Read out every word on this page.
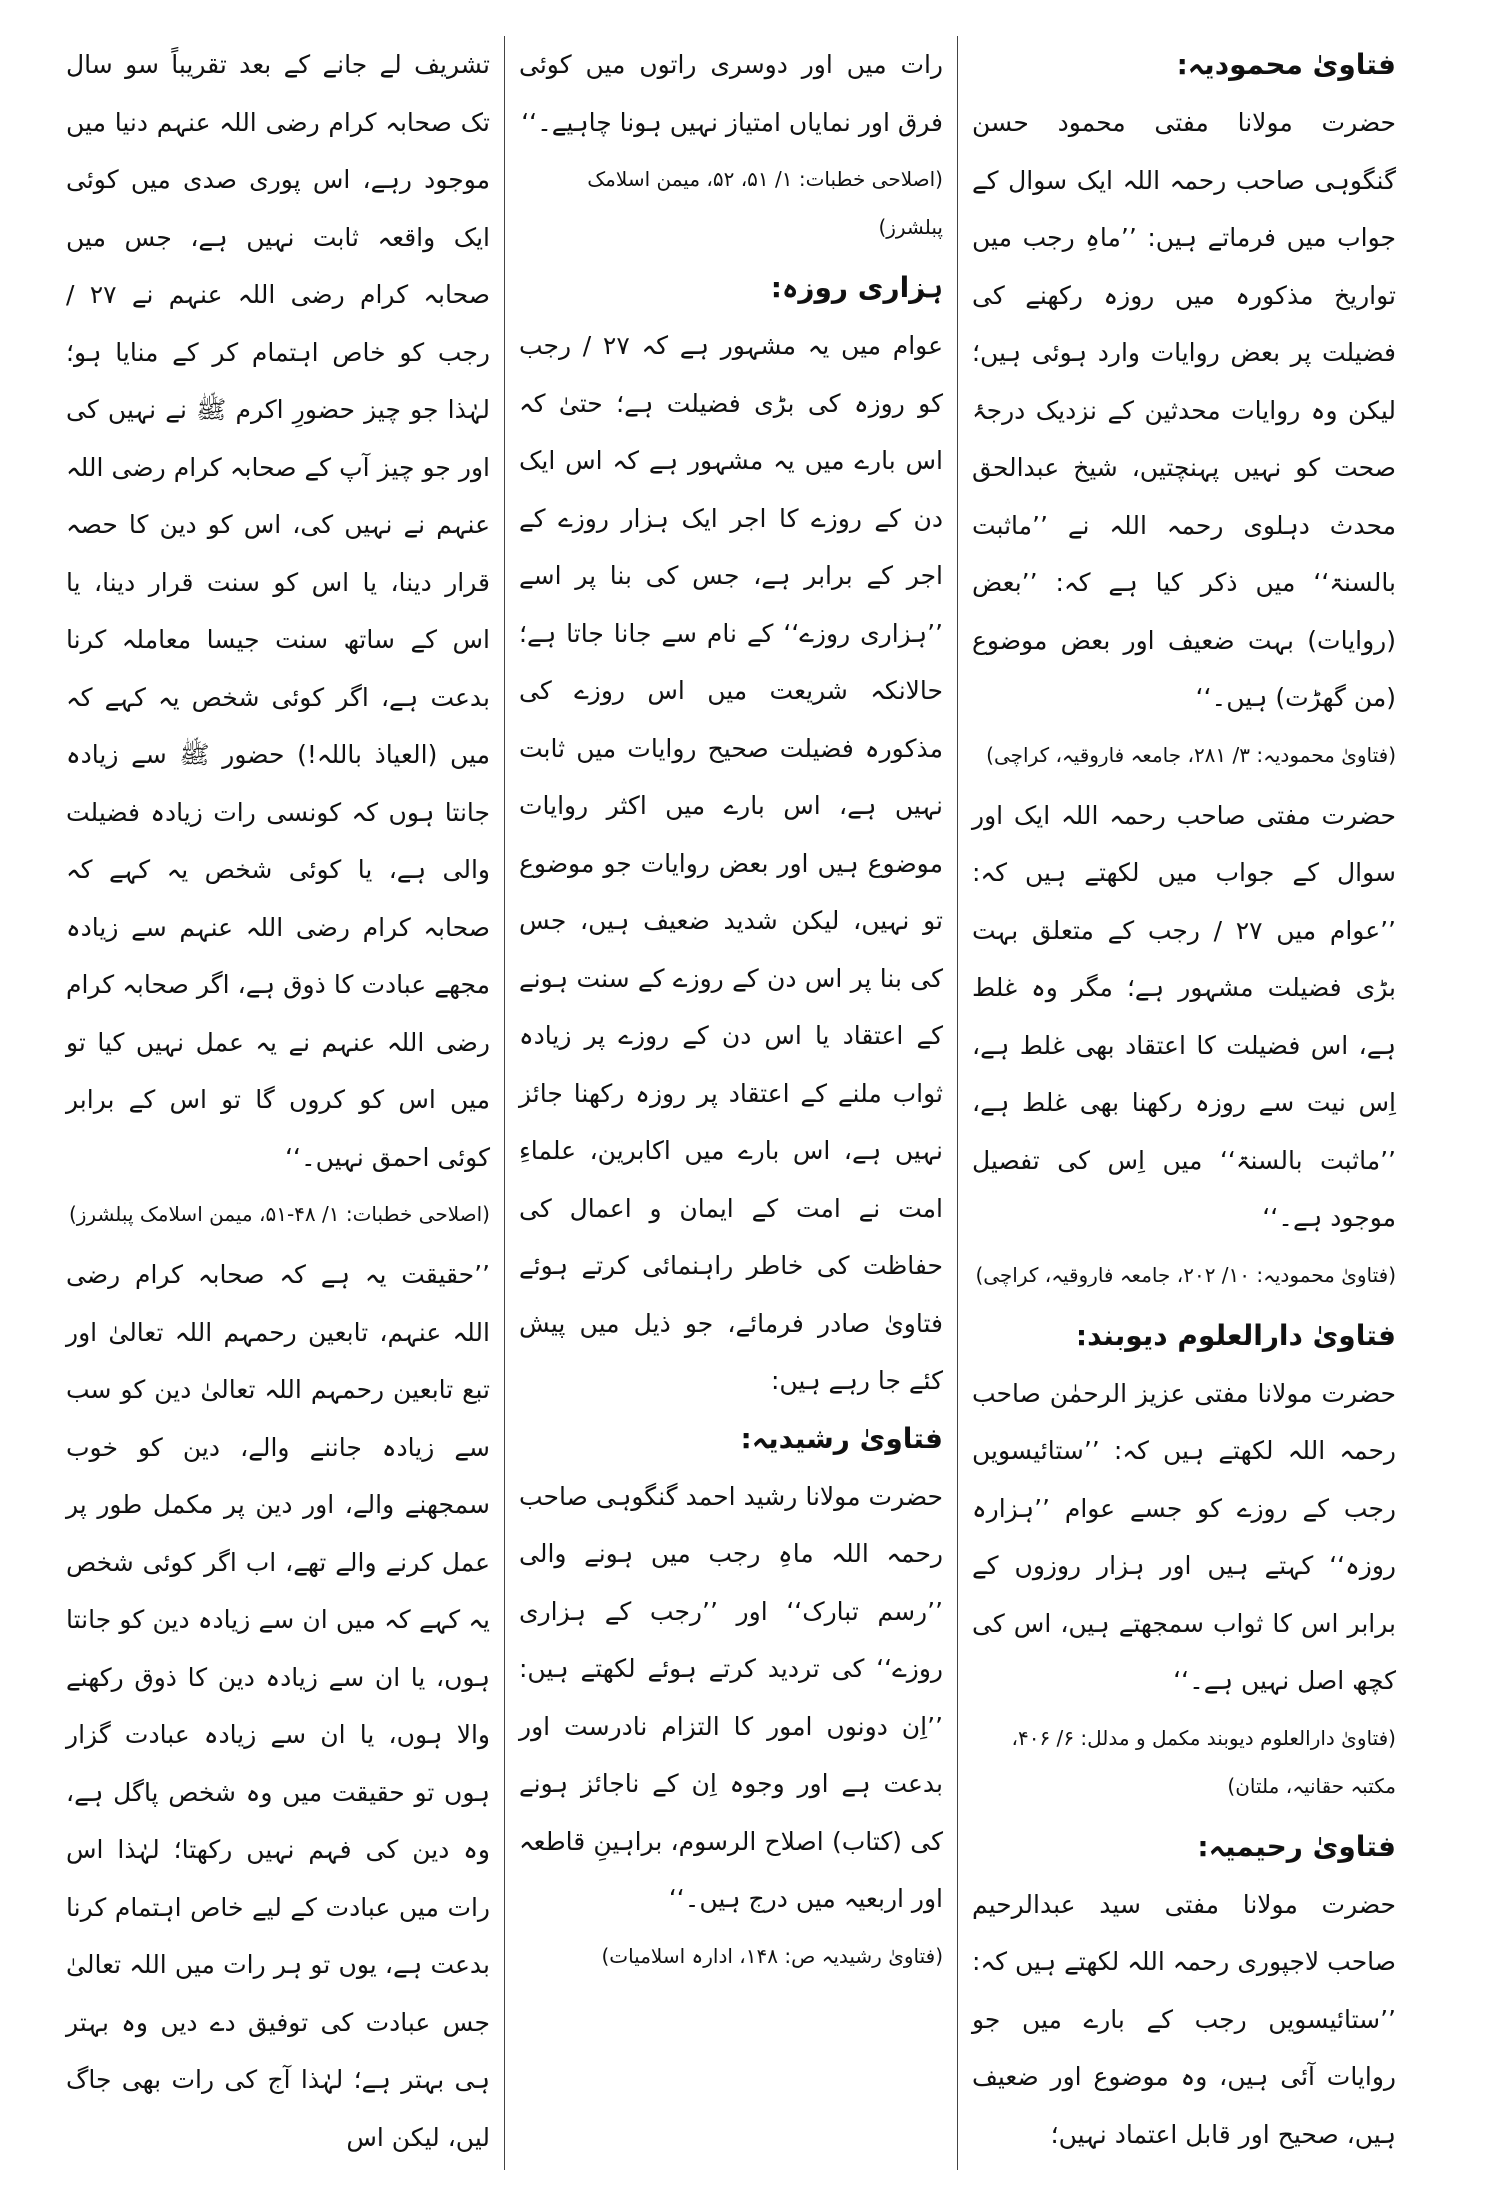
تشریف لے جانے کے بعد تقریباً سو سال تک صحابہ کرام رضی اللہ عنہم دنیا میں موجود رہے، اس پوری صدی میں کوئی ایک واقعہ ثابت نہیں ہے، جس میں صحابہ کرام رضی اللہ عنہم نے ۲۷ / رجب کو خاص اہتمام کر کے منایا ہو؛ لہٰذا جو چیز حضورِ اکرم ﷺ نے نہیں کی اور جو چیز آپ کے صحابہ کرام رضی اللہ عنہم نے نہیں کی، اس کو دین کا حصہ قرار دینا، یا اس کو سنت قرار دینا، یا اس کے ساتھ سنت جیسا معاملہ کرنا بدعت ہے، اگر کوئی شخص یہ کہے کہ میں (العیاذ باللہ!) حضور ﷺ سے زیادہ جانتا ہوں کہ کونسی رات زیادہ فضیلت والی ہے، یا کوئی شخص یہ کہے کہ صحابہ کرام رضی اللہ عنہم سے زیادہ مجھے عبادت کا ذوق ہے، اگر صحابہ کرام رضی اللہ عنہم نے یہ عمل نہیں کیا تو میں اس کو کروں گا تو اس کے برابر کوئی احمق نہیں۔‘‘

(اصلاحی خطبات: ۱/ ۴۸-۵۱، میمن اسلامک پبلشرز)

’’حقیقت یہ ہے کہ صحابہ کرام رضی اللہ عنہم، تابعین رحمہم اللہ تعالیٰ اور تبع تابعین رحمہم اللہ تعالیٰ دین کو سب سے زیادہ جاننے والے، دین کو خوب سمجھنے والے، اور دین پر مکمل طور پر عمل کرنے والے تھے، اب اگر کوئی شخص یہ کہے کہ میں ان سے زیادہ دین کو جانتا ہوں، یا ان سے زیادہ دین کا ذوق رکھنے والا ہوں، یا ان سے زیادہ عبادت گزار ہوں تو حقیقت میں وہ شخص پاگل ہے، وہ دین کی فہم نہیں رکھتا؛ لہٰذا اس رات میں عبادت کے لیے خاص اہتمام کرنا بدعت ہے، یوں تو ہر رات میں اللہ تعالیٰ جس عبادت کی توفیق دے دیں وہ بہتر ہی بہتر ہے؛ لہٰذا آج کی رات بھی جاگ لیں، لیکن اس

رات میں اور دوسری راتوں میں کوئی فرق اور نمایاں امتیاز نہیں ہونا چاہیے۔‘‘

(اصلاحی خطبات: ۱/ ۵۱، ۵۲، میمن اسلامک پبلشرز)

ہزاری روزہ:

عوام میں یہ مشہور ہے کہ ۲۷ / رجب کو روزہ کی بڑی فضیلت ہے؛ حتیٰ کہ اس بارے میں یہ مشہور ہے کہ اس ایک دن کے روزے کا اجر ایک ہزار روزے کے اجر کے برابر ہے، جس کی بنا پر اسے ’’ہزاری روزے‘‘ کے نام سے جانا جاتا ہے؛ حالانکہ شریعت میں اس روزے کی مذکورہ فضیلت صحیح روایات میں ثابت نہیں ہے، اس بارے میں اکثر روایات موضوع ہیں اور بعض روایات جو موضوع تو نہیں، لیکن شدید ضعیف ہیں، جس کی بنا پر اس دن کے روزے کے سنت ہونے کے اعتقاد یا اس دن کے روزے پر زیادہ ثواب ملنے کے اعتقاد پر روزہ رکھنا جائز نہیں ہے، اس بارے میں اکابرین، علماءِ امت نے امت کے ایمان و اعمال کی حفاظت کی خاطر راہنمائی کرتے ہوئے فتاویٰ صادر فرمائے، جو ذیل میں پیش کئے جا رہے ہیں:

فتاویٰ رشیدیہ:

حضرت مولانا رشید احمد گنگوہی صاحب رحمہ اللہ ماہِ رجب میں ہونے والی ’’رسم تبارک‘‘ اور ’’رجب کے ہزاری روزے‘‘ کی تردید کرتے ہوئے لکھتے ہیں: ’’اِن دونوں امور کا التزام نادرست اور بدعت ہے اور وجوہ اِن کے ناجائز ہونے کی (کتاب) اصلاح الرسوم، براہینِ قاطعہ اور اربعیہ میں درج ہیں۔‘‘

(فتاویٰ رشیدیہ ص: ۱۴۸، ادارہ اسلامیات)

فتاویٰ محمودیہ:

حضرت مولانا مفتی محمود حسن گنگوہی صاحب رحمہ اللہ ایک سوال کے جواب میں فرماتے ہیں: ’’ماہِ رجب میں تواریخ مذکورہ میں روزہ رکھنے کی فضیلت پر بعض روایات وارد ہوئی ہیں؛ لیکن وہ روایات محدثین کے نزدیک درجۂ صحت کو نہیں پہنچتیں، شیخ عبدالحق محدث دہلوی رحمہ اللہ نے ’’ماثبت بالسنۃ‘‘ میں ذکر کیا ہے کہ: ’’بعض (روایات) بہت ضعیف اور بعض موضوع (من گھڑت) ہیں۔‘‘

(فتاویٰ محمودیہ: ۳/ ۲۸۱، جامعہ فاروقیہ، کراچی)

حضرت مفتی صاحب رحمہ اللہ ایک اور سوال کے جواب میں لکھتے ہیں کہ: ’’عوام میں ۲۷ / رجب کے متعلق بہت بڑی فضیلت مشہور ہے؛ مگر وہ غلط ہے، اس فضیلت کا اعتقاد بھی غلط ہے، اِس نیت سے روزہ رکھنا بھی غلط ہے، ’’ماثبت بالسنۃ‘‘ میں اِس کی تفصیل موجود ہے۔‘‘

(فتاویٰ محمودیہ: ۱۰/ ۲۰۲، جامعہ فاروقیہ، کراچی)

فتاویٰ دارالعلوم دیوبند:

حضرت مولانا مفتی عزیز الرحمٰن صاحب رحمہ اللہ لکھتے ہیں کہ: ’’ستائیسویں رجب کے روزے کو جسے عوام ’’ہزارہ روزہ‘‘ کہتے ہیں اور ہزار روزوں کے برابر اس کا ثواب سمجھتے ہیں، اس کی کچھ اصل نہیں ہے۔‘‘

(فتاویٰ دارالعلوم دیوبند مکمل و مدلل: ۶/ ۴۰۶، مکتبہ حقانیہ، ملتان)

فتاویٰ رحیمیہ:

حضرت مولانا مفتی سید عبدالرحیم صاحب لاجپوری رحمہ اللہ لکھتے ہیں کہ: ’’ستائیسویں رجب کے بارے میں جو روایات آئی ہیں، وہ موضوع اور ضعیف ہیں، صحیح اور قابل اعتماد نہیں؛
